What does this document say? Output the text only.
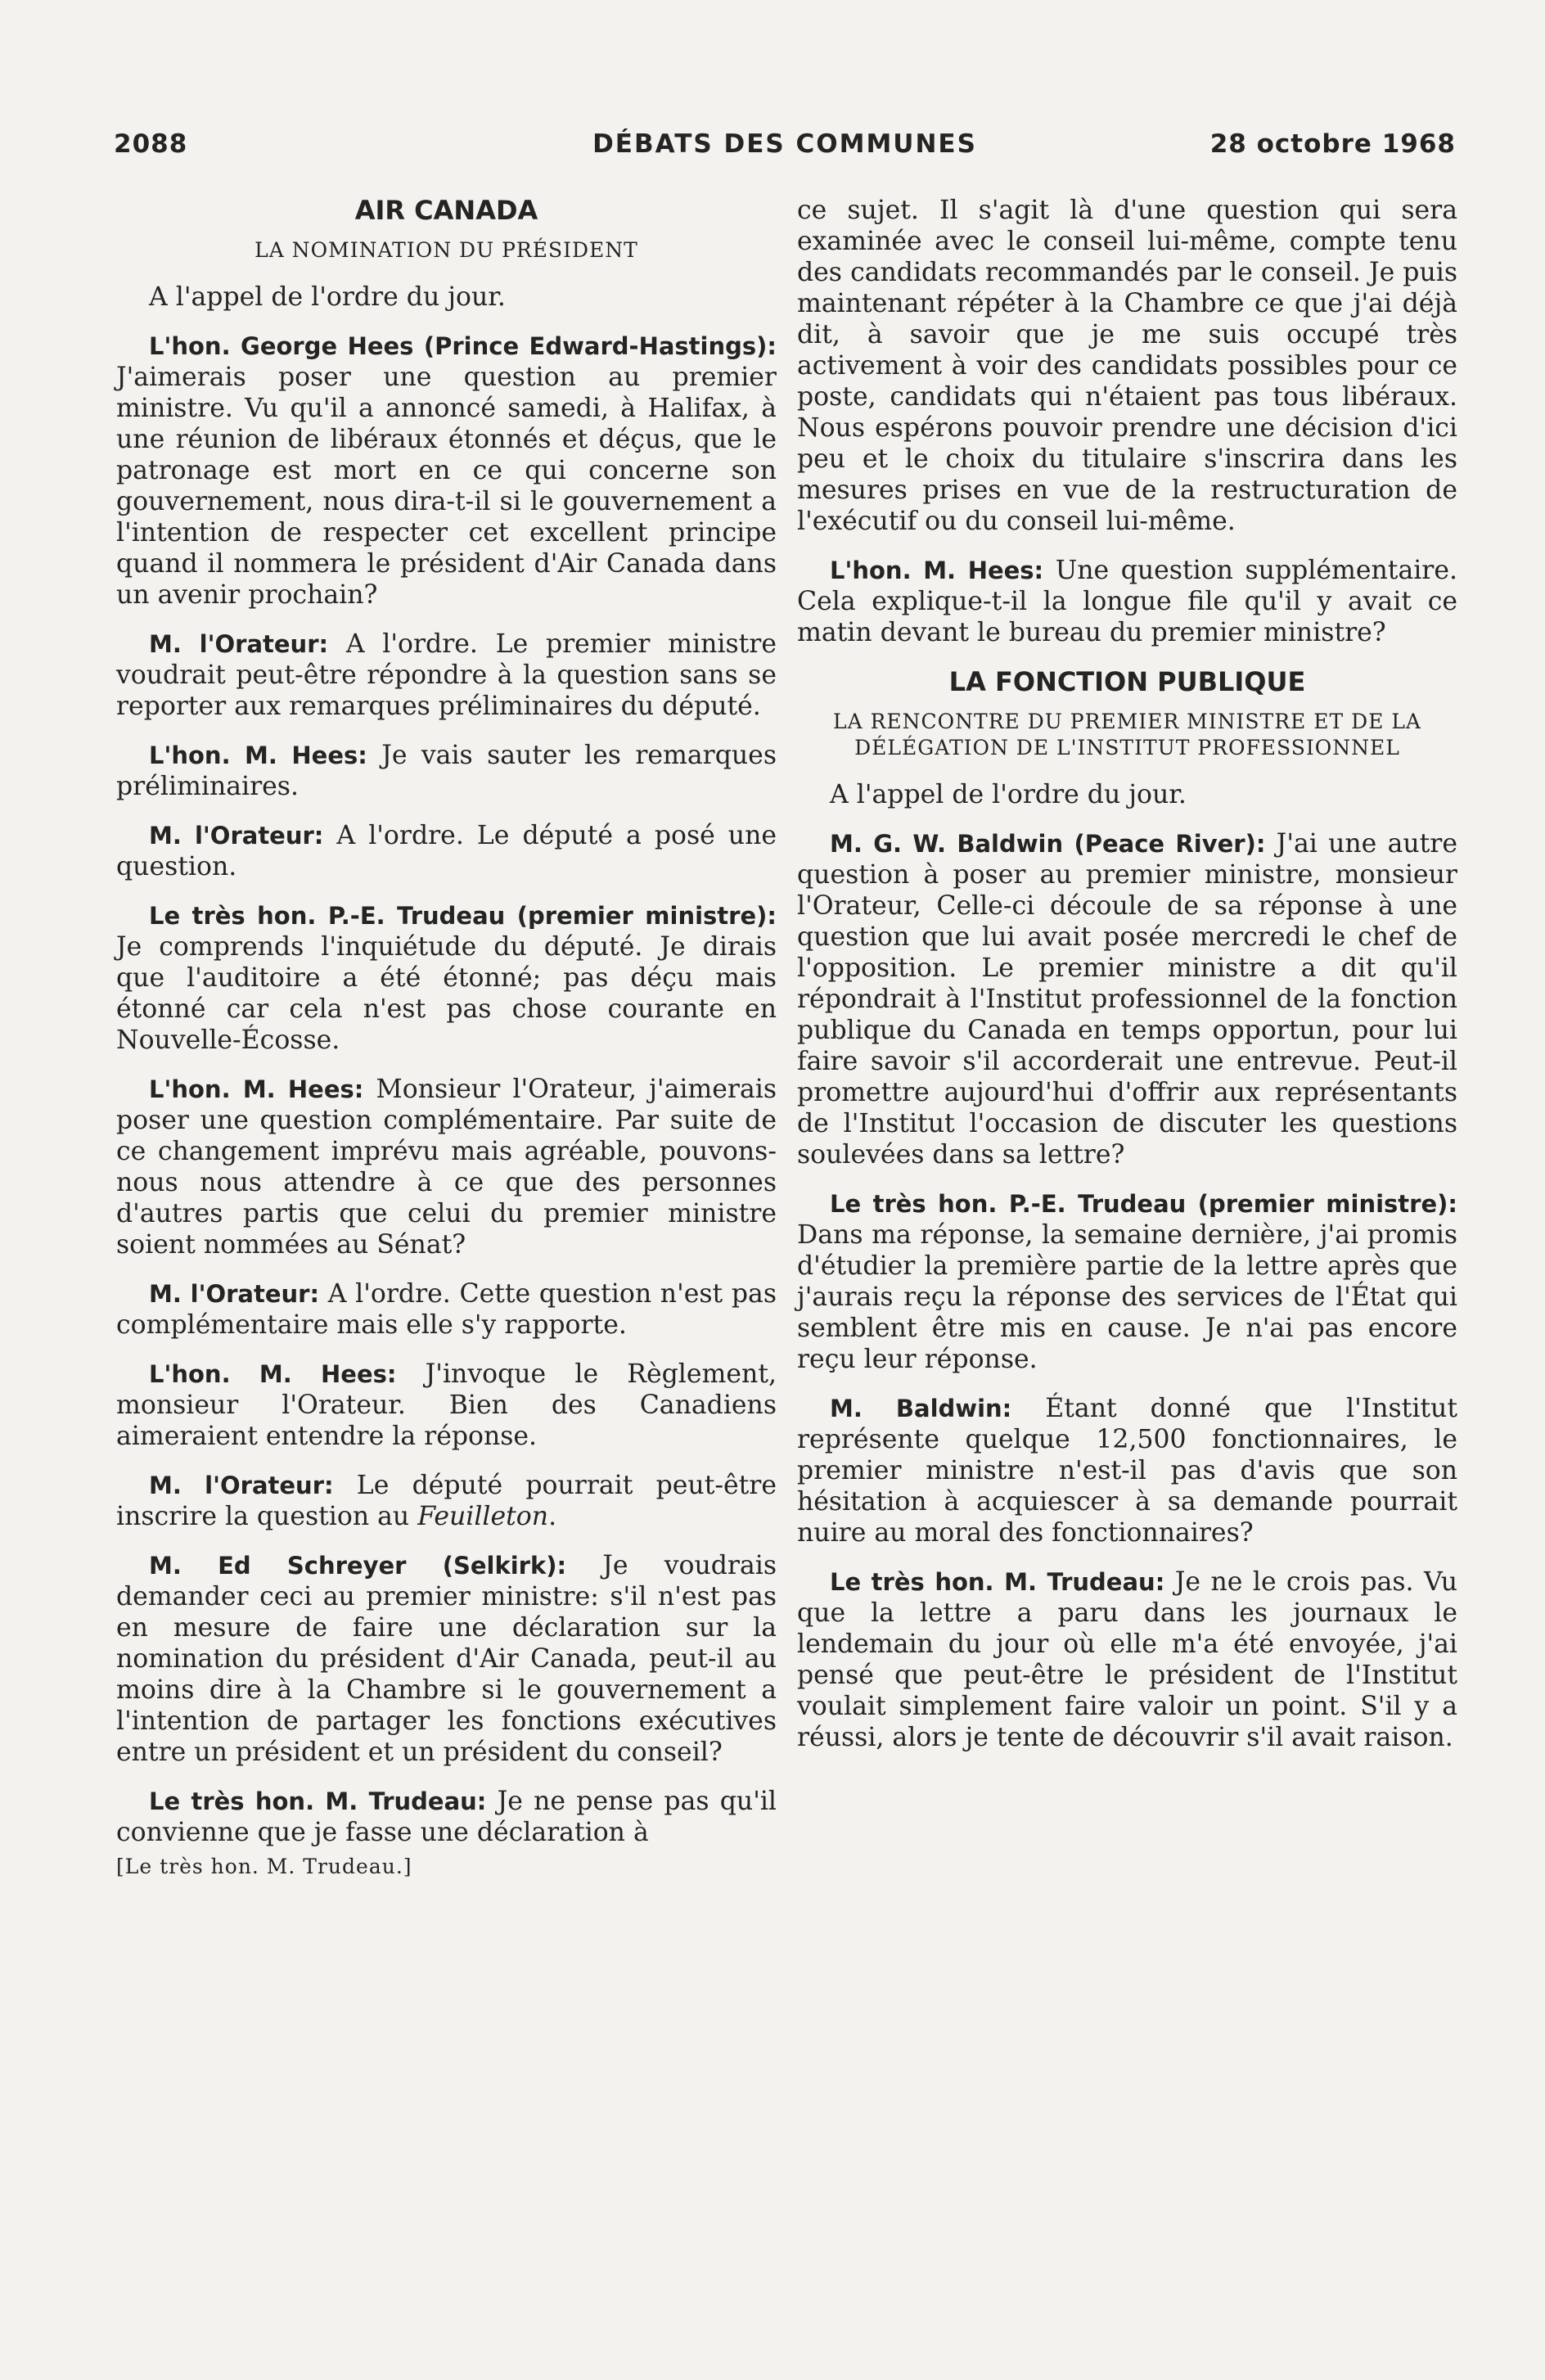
2088	DÉBATS DES COMMUNES	28 octobre 1968
AIR CANADA
LA NOMINATION DU PRÉSIDENT

A l'appel de l'ordre du jour.

L'hon. George Hees (Prince Edward-Hastings): J'aimerais poser une question au premier ministre. Vu qu'il a annoncé samedi, à Halifax, à une réunion de libéraux étonnés et déçus, que le patronage est mort en ce qui concerne son gouvernement, nous dira-t-il si le gouvernement a l'intention de respecter cet excellent principe quand il nommera le président d'Air Canada dans un avenir prochain?

M. l'Orateur: A l'ordre. Le premier ministre voudrait peut-être répondre à la question sans se reporter aux remarques préliminaires du député.

L'hon. M. Hees: Je vais sauter les remarques préliminaires.

M. l'Orateur: A l'ordre. Le député a posé une question.

Le très hon. P.-E. Trudeau (premier ministre): Je comprends l'inquiétude du député. Je dirais que l'auditoire a été étonné; pas déçu mais étonné car cela n'est pas chose courante en Nouvelle-Écosse.

L'hon. M. Hees: Monsieur l'Orateur, j'aimerais poser une question complémentaire. Par suite de ce changement imprévu mais agréable, pouvons-nous nous attendre à ce que des personnes d'autres partis que celui du premier ministre soient nommées au Sénat?

M. l'Orateur: A l'ordre. Cette question n'est pas complémentaire mais elle s'y rapporte.

L'hon. M. Hees: J'invoque le Règlement, monsieur l'Orateur. Bien des Canadiens aimeraient entendre la réponse.

M. l'Orateur: Le député pourrait peut-être inscrire la question au Feuilleton.

M. Ed Schreyer (Selkirk): Je voudrais demander ceci au premier ministre: s'il n'est pas en mesure de faire une déclaration sur la nomination du président d'Air Canada, peut-il au moins dire à la Chambre si le gouvernement a l'intention de partager les fonctions exécutives entre un président et un président du conseil?

Le très hon. M. Trudeau: Je ne pense pas qu'il convienne que je fasse une déclaration à

[Le très hon. M. Trudeau.]

ce sujet. Il s'agit là d'une question qui sera examinée avec le conseil lui-même, compte tenu des candidats recommandés par le conseil. Je puis maintenant répéter à la Chambre ce que j'ai déjà dit, à savoir que je me suis occupé très activement à voir des candidats possibles pour ce poste, candidats qui n'étaient pas tous libéraux. Nous espérons pouvoir prendre une décision d'ici peu et le choix du titulaire s'inscrira dans les mesures prises en vue de la restructuration de l'exécutif ou du conseil lui-même.

L'hon. M. Hees: Une question supplémentaire. Cela explique-t-il la longue file qu'il y avait ce matin devant le bureau du premier ministre?

LA FONCTION PUBLIQUE
LA RENCONTRE DU PREMIER MINISTRE ET DE LA DÉLÉGATION DE L'INSTITUT PROFESSIONNEL

A l'appel de l'ordre du jour.

M. G. W. Baldwin (Peace River): J'ai une autre question à poser au premier ministre, monsieur l'Orateur, Celle-ci découle de sa réponse à une question que lui avait posée mercredi le chef de l'opposition. Le premier ministre a dit qu'il répondrait à l'Institut professionnel de la fonction publique du Canada en temps opportun, pour lui faire savoir s'il accorderait une entrevue. Peut-il promettre aujourd'hui d'offrir aux représentants de l'Institut l'occasion de discuter les questions soulevées dans sa lettre?

Le très hon. P.-E. Trudeau (premier ministre): Dans ma réponse, la semaine dernière, j'ai promis d'étudier la première partie de la lettre après que j'aurais reçu la réponse des services de l'État qui semblent être mis en cause. Je n'ai pas encore reçu leur réponse.

M. Baldwin: Étant donné que l'Institut représente quelque 12,500 fonctionnaires, le premier ministre n'est-il pas d'avis que son hésitation à acquiescer à sa demande pourrait nuire au moral des fonctionnaires?

Le très hon. M. Trudeau: Je ne le crois pas. Vu que la lettre a paru dans les journaux le lendemain du jour où elle m'a été envoyée, j'ai pensé que peut-être le président de l'Institut voulait simplement faire valoir un point. S'il y a réussi, alors je tente de découvrir s'il avait raison.
